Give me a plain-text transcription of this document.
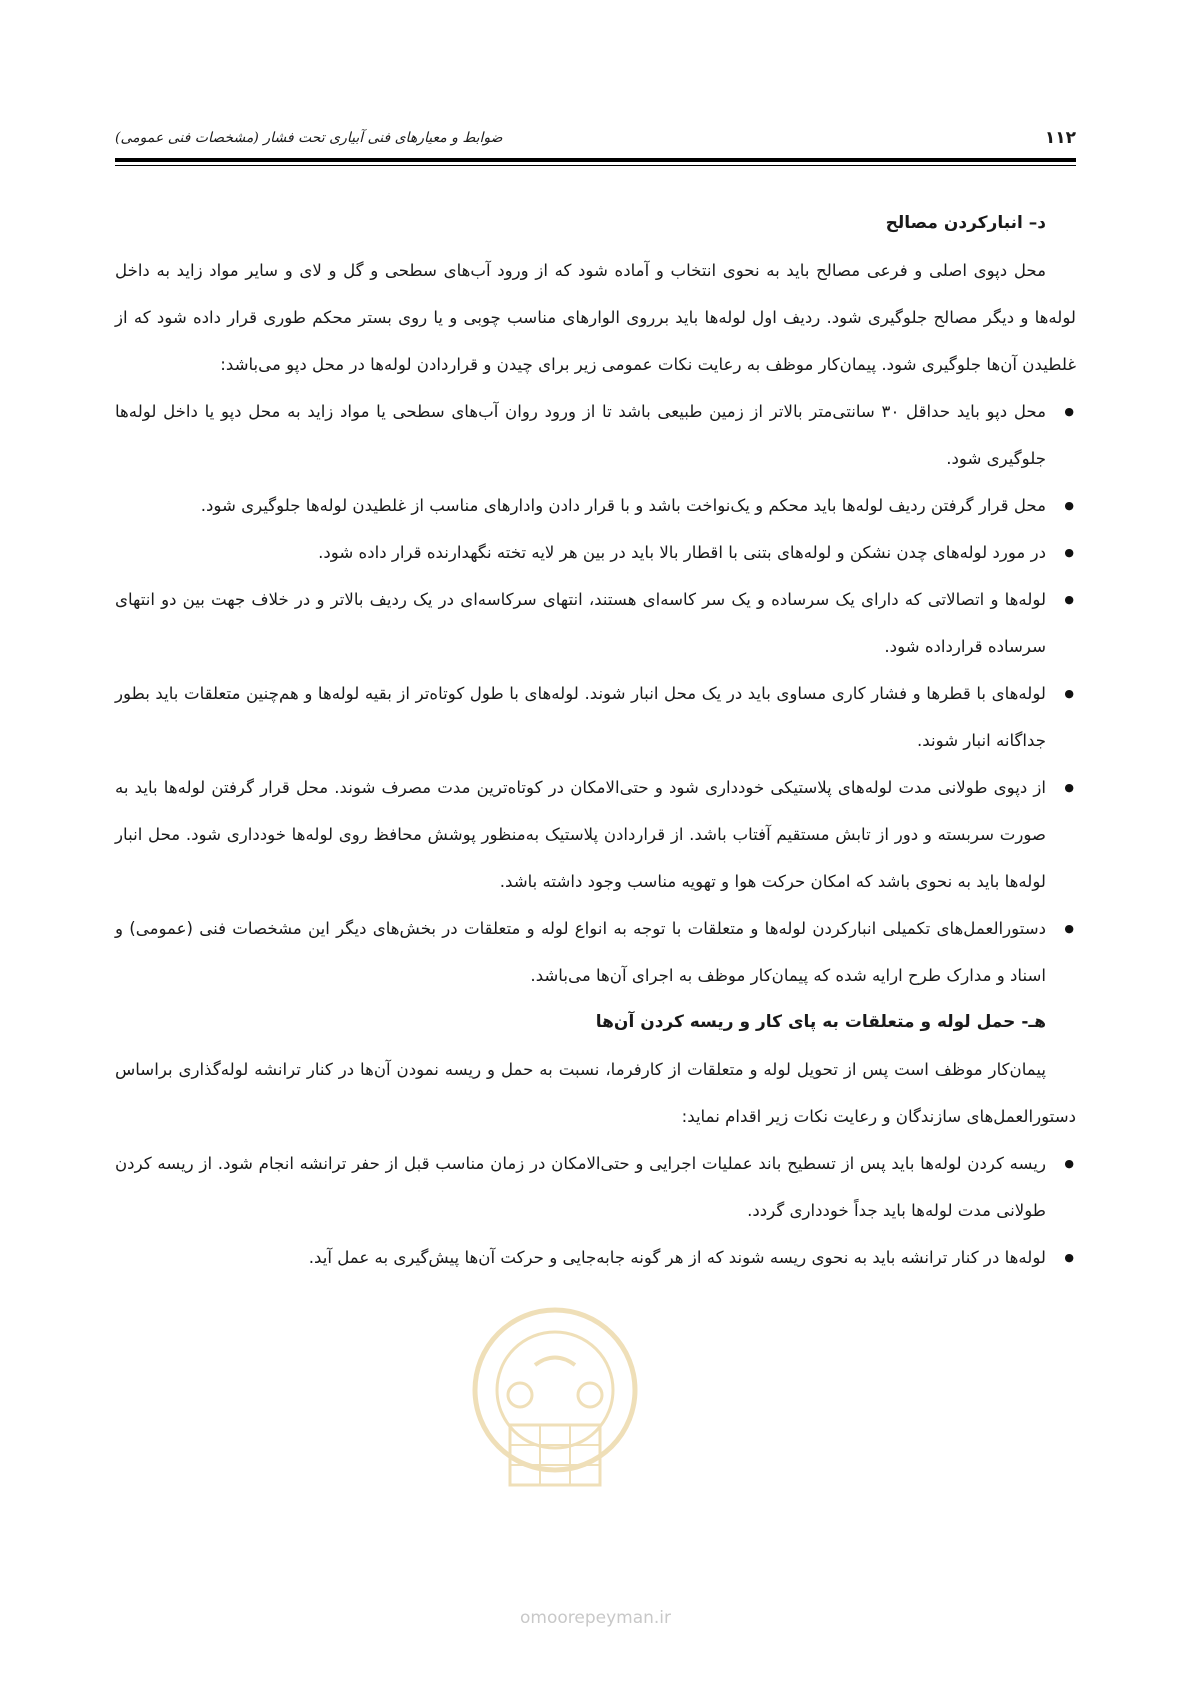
۱۱۲
ضوابط و معیارهای فنی آبیاری تحت فشار (مشخصات فنی عمومی)

د– انبارکردن مصالح

محل دپوی اصلی و فرعی مصالح باید به نحوی انتخاب و آماده شود که از ورود آب‌های سطحی و گل و لای و سایر مواد زاید به داخل لوله‌ها و دیگر مصالح جلوگیری شود. ردیف اول لوله‌ها باید برروی الوارهای مناسب چوبی و یا روی بستر محکم طوری قرار داده شود که از غلطیدن آن‌ها جلوگیری شود. پیمان‌کار موظف به رعایت نکات عمومی زیر برای چیدن و قراردادن لوله‌ها در محل دپو می‌باشد:

● محل دپو باید حداقل ۳۰ سانتی‌متر بالاتر از زمین طبیعی باشد تا از ورود روان آب‌های سطحی یا مواد زاید به محل دپو یا داخل لوله‌ها جلوگیری شود.
● محل قرار گرفتن ردیف لوله‌ها باید محکم و یک‌نواخت باشد و با قرار دادن وادارهای مناسب از غلطیدن لوله‌ها جلوگیری شود.
● در مورد لوله‌های چدن نشکن و لوله‌های بتنی با اقطار بالا باید در بین هر لایه تخته نگهدارنده قرار داده شود.
● لوله‌ها و اتصالاتی که دارای یک سرساده و یک سر کاسه‌ای هستند، انتهای سرکاسه‌ای در یک ردیف بالاتر و در خلاف جهت بین دو انتهای سرساده قرارداده شود.
● لوله‌های با قطرها و فشار کاری مساوی باید در یک محل انبار شوند. لوله‌های با طول کوتاه‌تر از بقیه لوله‌ها و هم‌چنین متعلقات باید بطور جداگانه انبار شوند.
● از دپوی طولانی مدت لوله‌های پلاستیکی خودداری شود و حتی‌الامکان در کوتاه‌ترین مدت مصرف شوند. محل قرار گرفتن لوله‌ها باید به صورت سربسته و دور از تابش مستقیم آفتاب باشد. از قراردادن پلاستیک به‌منظور پوشش محافظ روی لوله‌ها خودداری شود. محل انبار لوله‌ها باید به نحوی باشد که امکان حرکت هوا و تهویه مناسب وجود داشته باشد.
● دستورالعمل‌های تکمیلی انبارکردن لوله‌ها و متعلقات با توجه به انواع لوله و متعلقات در بخش‌های دیگر این مشخصات فنی (عمومی) و اسناد و مدارک طرح ارایه شده که پیمان‌کار موظف به اجرای آن‌ها می‌باشد.

هـ- حمل لوله و متعلقات به پای کار و ریسه کردن آن‌ها

پیمان‌کار موظف است پس از تحویل لوله و متعلقات از کارفرما، نسبت به حمل و ریسه نمودن آن‌ها در کنار ترانشه لوله‌گذاری براساس دستورالعمل‌های سازندگان و رعایت نکات زیر اقدام نماید:

● ریسه کردن لوله‌ها باید پس از تسطیح باند عملیات اجرایی و حتی‌الامکان در زمان مناسب قبل از حفر ترانشه انجام شود. از ریسه کردن طولانی مدت لوله‌ها باید جداً خودداری گردد.
● لوله‌ها در کنار ترانشه باید به نحوی ریسه شوند که از هر گونه جابه‌جایی و حرکت آن‌ها پیش‌گیری به عمل آید.
omoorepeyman.ir
